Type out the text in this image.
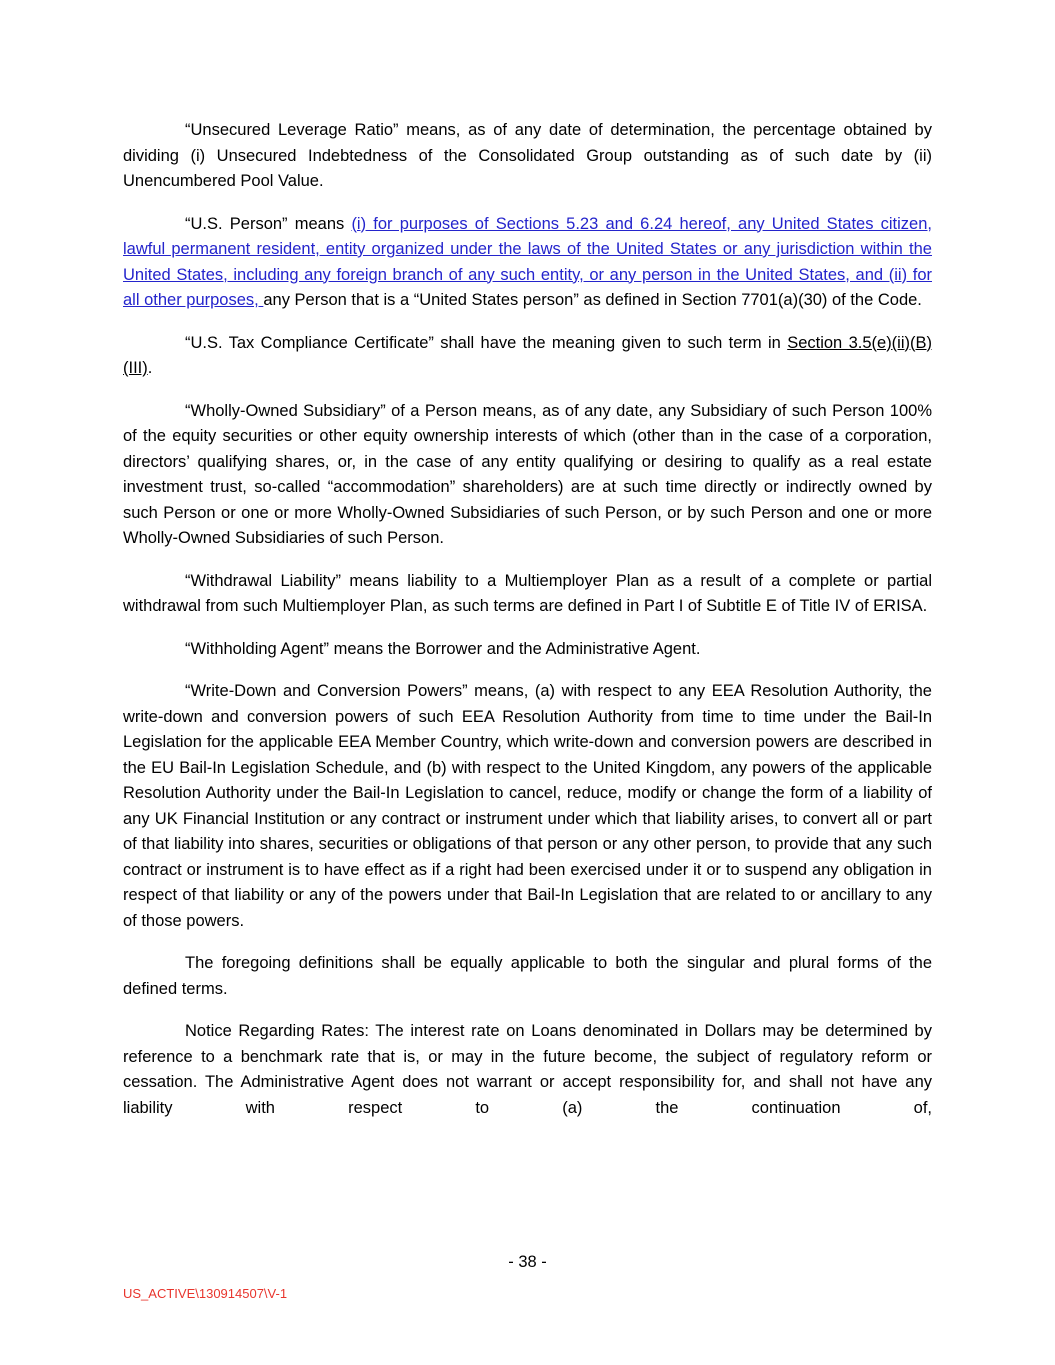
“Unsecured Leverage Ratio” means, as of any date of determination, the percentage obtained by dividing (i) Unsecured Indebtedness of the Consolidated Group outstanding as of such date by (ii) Unencumbered Pool Value.

“U.S. Person” means (i) for purposes of Sections 5.23 and 6.24 hereof, any United States citizen, lawful permanent resident, entity organized under the laws of the United States or any jurisdiction within the United States, including any foreign branch of any such entity, or any person in the United States, and (ii) for all other purposes, any Person that is a “United States person” as defined in Section 7701(a)(30) of the Code.

“U.S. Tax Compliance Certificate” shall have the meaning given to such term in Section 3.5(e)(ii)(B)(III).

“Wholly-Owned Subsidiary” of a Person means, as of any date, any Subsidiary of such Person 100% of the equity securities or other equity ownership interests of which (other than in the case of a corporation, directors’ qualifying shares, or, in the case of any entity qualifying or desiring to qualify as a real estate investment trust, so-called “accommodation” shareholders) are at such time directly or indirectly owned by such Person or one or more Wholly-Owned Subsidiaries of such Person, or by such Person and one or more Wholly-Owned Subsidiaries of such Person.

“Withdrawal Liability” means liability to a Multiemployer Plan as a result of a complete or partial withdrawal from such Multiemployer Plan, as such terms are defined in Part I of Subtitle E of Title IV of ERISA.

“Withholding Agent” means the Borrower and the Administrative Agent.

“Write-Down and Conversion Powers” means, (a) with respect to any EEA Resolution Authority, the write-down and conversion powers of such EEA Resolution Authority from time to time under the Bail-In Legislation for the applicable EEA Member Country, which write-down and conversion powers are described in the EU Bail-In Legislation Schedule, and (b) with respect to the United Kingdom, any powers of the applicable Resolution Authority under the Bail-In Legislation to cancel, reduce, modify or change the form of a liability of any UK Financial Institution or any contract or instrument under which that liability arises, to convert all or part of that liability into shares, securities or obligations of that person or any other person, to provide that any such contract or instrument is to have effect as if a right had been exercised under it or to suspend any obligation in respect of that liability or any of the powers under that Bail-In Legislation that are related to or ancillary to any of those powers.

The foregoing definitions shall be equally applicable to both the singular and plural forms of the defined terms.

Notice Regarding Rates: The interest rate on Loans denominated in Dollars may be determined by reference to a benchmark rate that is, or may in the future become, the subject of regulatory reform or cessation. The Administrative Agent does not warrant or accept responsibility for, and shall not have any liability with respect to (a) the continuation of,

- 38 -
US_ACTIVE\130914507\V-1
